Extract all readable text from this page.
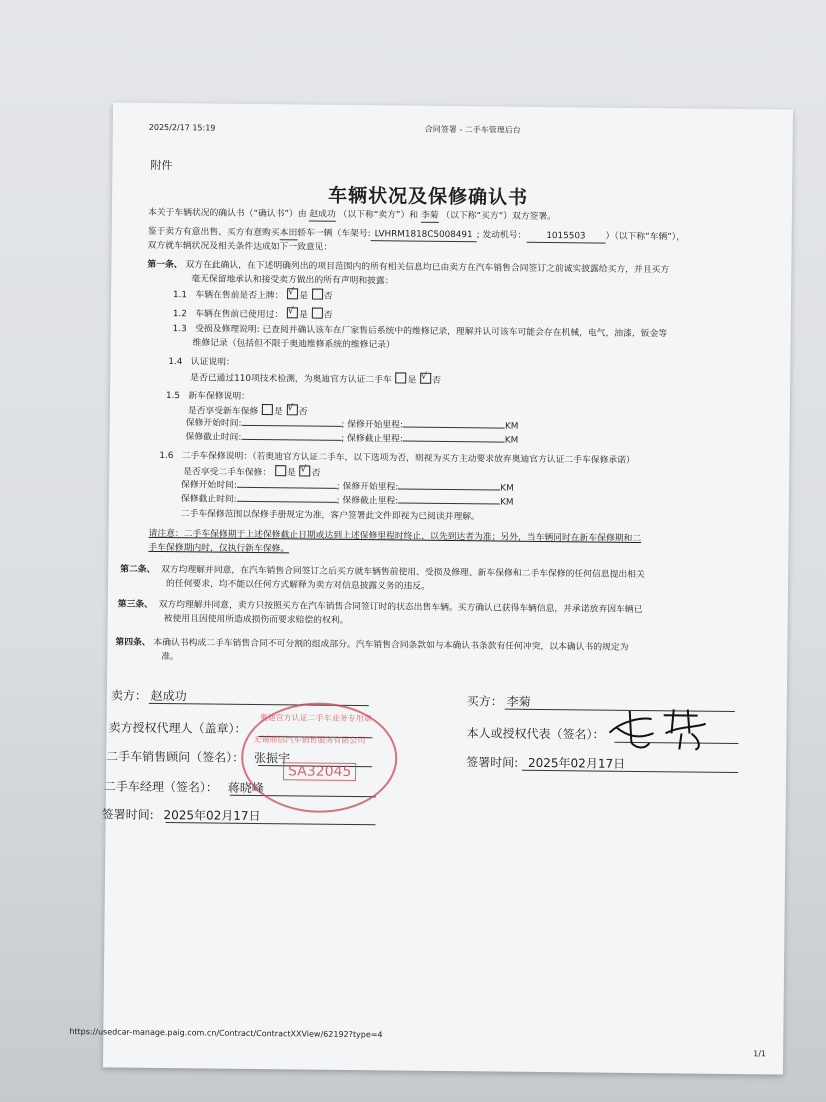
2025/2/17 15:19	合同签署 - 二手车管理后台
附件
车辆状况及保修确认书
本关于车辆状况的确认书（“确认书”）由 赵成功 （以下称“卖方”）和 李菊 （以下称“买方”）双方签署。
鉴于卖方有意出售、买方有意购买本田轿车一辆（车架号: LVHRM1818C5008491 ; 发动机号： 1015503 ）（以下称“车辆”），
双方就车辆状况及相关条件达成如下一致意见：
第一条、 双方在此确认，在下述明确列出的项目范围内的所有相关信息均已由卖方在汽车销售合同签订之前诚实披露给买方，并且买方
毫无保留地承认和接受卖方做出的所有声明和披露：
1.1 车辆在售前是否上牌： √ 是 否
1.2 车辆在售前已使用过： √ 是 否
1.3 受损及修理说明: 已查阅并确认该车在厂家售后系统中的维修记录，理解并认可该车可能会存在机械，电气，油漆，钣金等
维修记录（包括但不限于奥迪维修系统的维修记录）
1.4 认证说明：
是否已通过110项技术检测，为奥迪官方认证二手车 是 √ 否
1.5 新车保修说明：
是否享受新车保修 是 √ 否
保修开始时间:	; 保修开始里程:	KM
保修截止时间:	; 保修截止里程:	KM
1.6 二手车保修说明：（若奥迪官方认证二手车，以下选项为否，则视为买方主动要求放弃奥迪官方认证二手车保修承诺）
是否享受二手车保修： 是 √ 否
保修开始时间:	; 保修开始里程:	KM
保修截止时间:	; 保修截止里程:	KM
二手车保修范围以保修手册规定为准，客户签署此文件即视为已阅读并理解。
请注意：二手车保修期于上述保修截止日期或达到上述保修里程时终止，以先到达者为准；另外，当车辆同时在新车保修期和二
手车保修期内时，仅执行新车保修。
第二条、 双方均理解并同意，在汽车销售合同签订之后买方就车辆售前使用、受损及修理、新车保修和二手车保修的任何信息提出相关
的任何要求，均不能以任何方式解释为卖方对信息披露义务的违反。
第三条、 双方均理解并同意，卖方只按照买方在汽车销售合同签订时的状态出售车辆。买方确认已获得车辆信息，并承诺放弃因车辆已
被使用且因使用所造成损伤而要求赔偿的权利。
第四条、 本确认书构成二手车销售合同不可分割的组成部分。汽车销售合同条款如与本确认书条款有任何冲突，以本确认书的规定为
准。
卖方： 赵成功
卖方授权代理人（盖章）：
二手车销售顾问（签名）： 张振宇
二手车经理（签名）： 蒋晓峰
签署时间: 2025年02月17日
买方： 李菊
本人或授权代表（签名）：
签署时间: 2025年02月17日
奥迪官方认证二手车业务专用章
无锡鼎信汽车销售服务有限公司
SA32045
https://usedcar-manage.paig.com.cn/Contract/ContractXXView/62192?type=4
1/1
